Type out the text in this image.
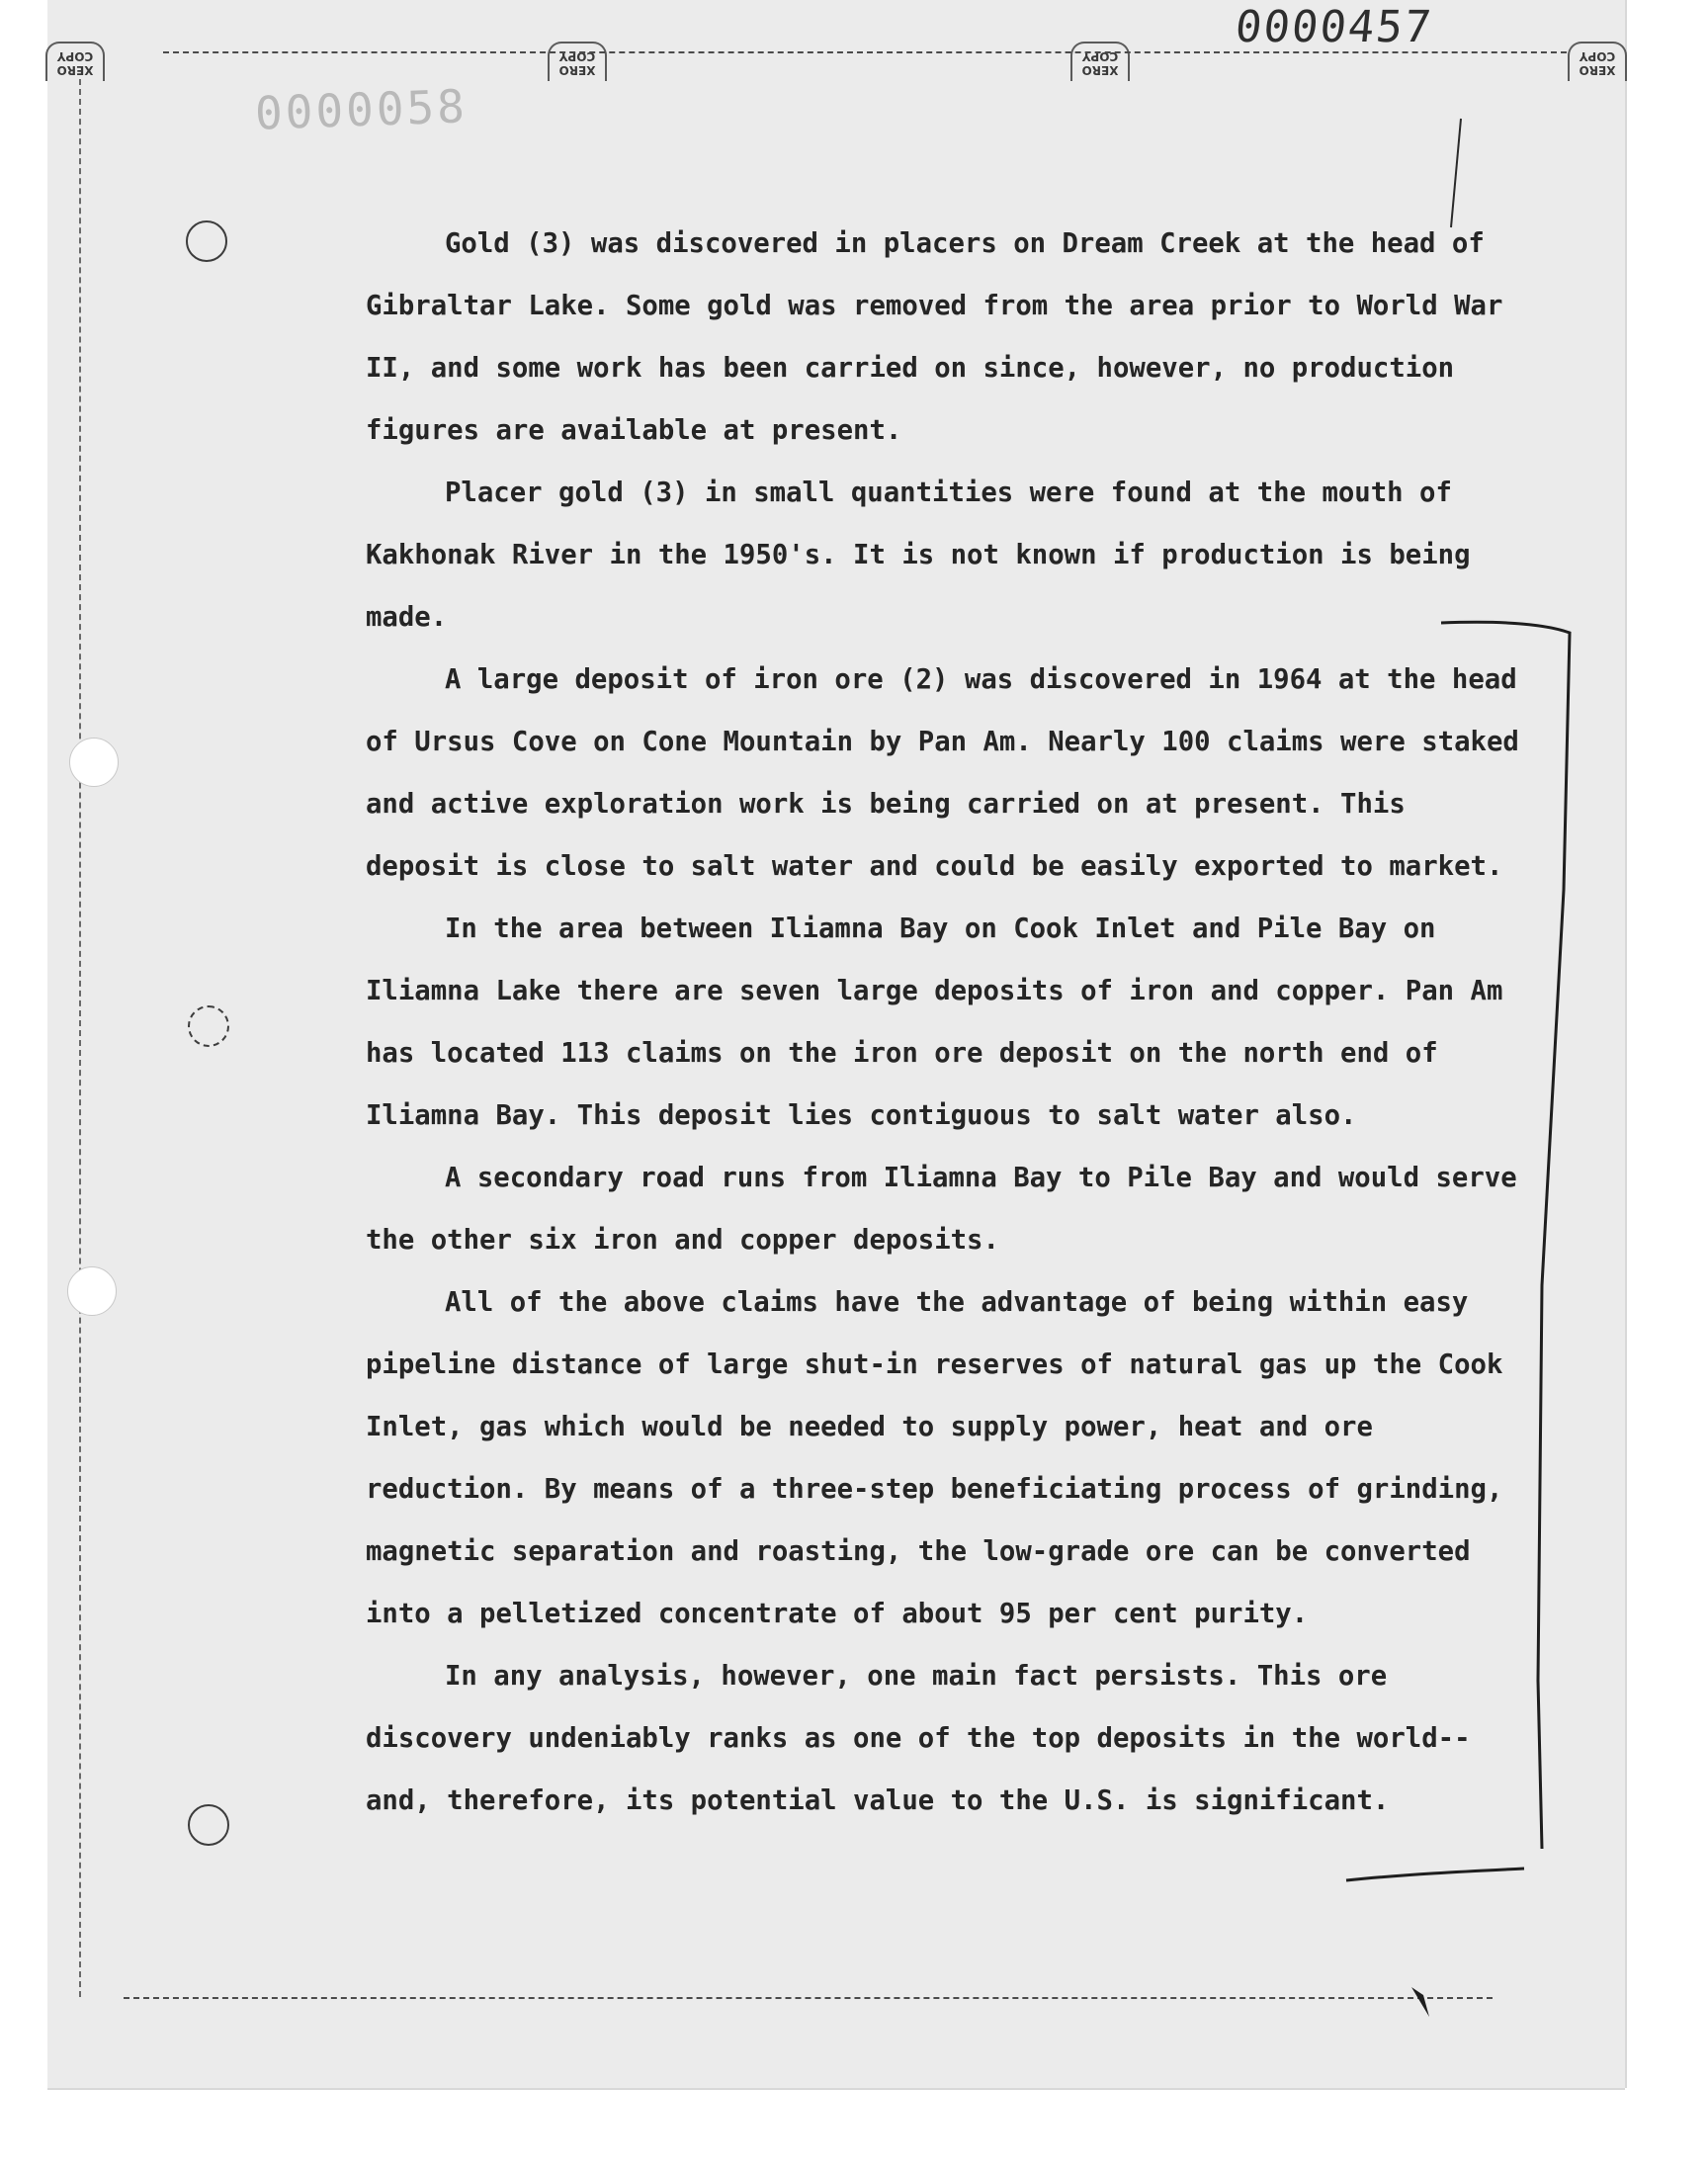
XERO
COPY
XERO
COPY
XERO
COPY
XERO
COPY
0000457
0000058

Gold (3) was discovered in placers on Dream Creek at the head of Gibraltar Lake. Some gold was removed from the area prior to World War II, and some work has been carried on since, however, no production figures are available at present.

Placer gold (3) in small quantities were found at the mouth of Kakhonak River in the 1950's. It is not known if production is being made.

A large deposit of iron ore (2) was discovered in 1964 at the head of Ursus Cove on Cone Mountain by Pan Am. Nearly 100 claims were staked and active exploration work is being carried on at present. This deposit is close to salt water and could be easily exported to market.

In the area between Iliamna Bay on Cook Inlet and Pile Bay on Iliamna Lake there are seven large deposits of iron and copper. Pan Am has located 113 claims on the iron ore deposit on the north end of Iliamna Bay. This deposit lies contiguous to salt water also.

A secondary road runs from Iliamna Bay to Pile Bay and would serve the other six iron and copper deposits.

All of the above claims have the advantage of being within easy pipeline distance of large shut-in reserves of natural gas up the Cook Inlet, gas which would be needed to supply power, heat and ore reduction. By means of a three-step beneficiating process of grinding, magnetic separation and roasting, the low-grade ore can be converted into a pelletized concentrate of about 95 per cent purity.

In any analysis, however, one main fact persists. This ore discovery undeniably ranks as one of the top deposits in the world--and, therefore, its potential value to the U.S. is significant.
